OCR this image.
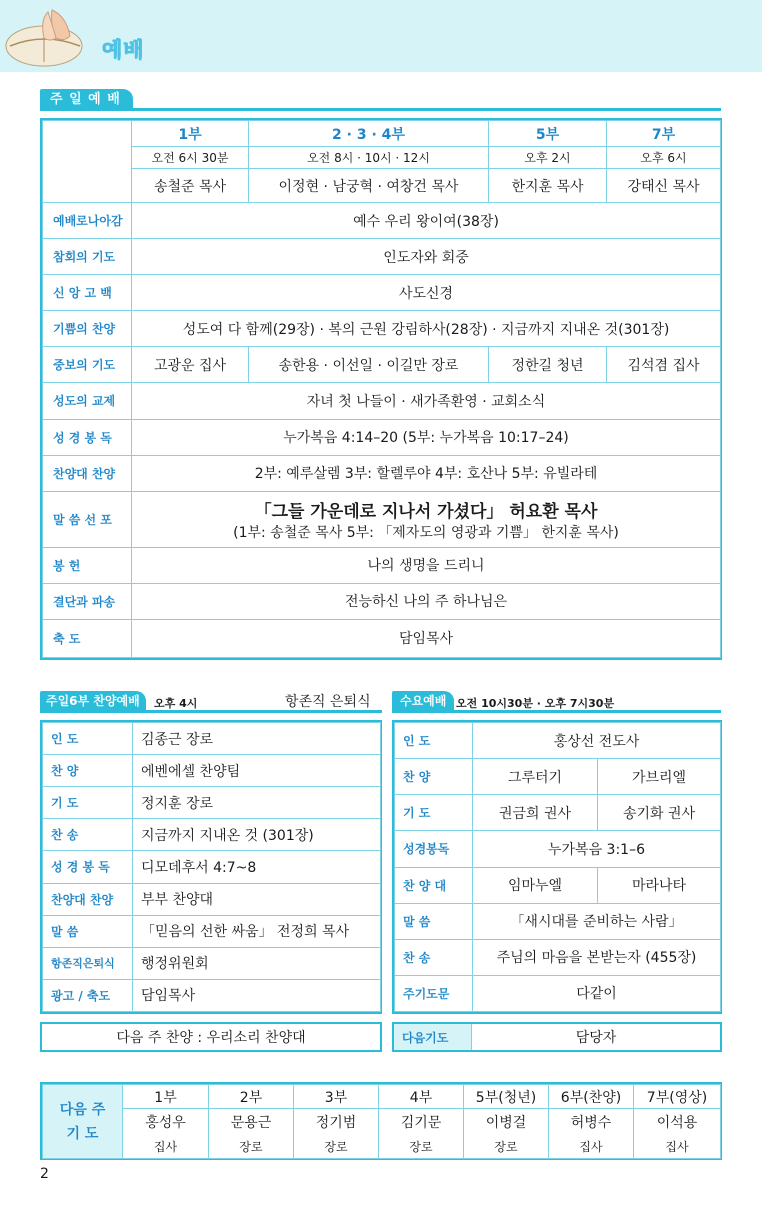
예배
주 일 예 배
	1부	2 · 3 · 4부	5부	7부
	오전 6시 30분	오전 8시 · 10시 · 12시	오후 2시	오후 6시
	송철준 목사	이정현 · 남궁혁 · 여창건 목사	한지훈 목사	강태신 목사
예배로나아감	예수 우리 왕이여(38장)			
참회의 기도	인도자와 회중			
신 앙 고 백	사도신경			
기쁨의 찬양	성도여 다 함께(29장) · 복의 근원 강림하사(28장) · 지금까지 지내온 것(301장)			
중보의 기도	고광운 집사	송한용 · 이선일 · 이길만 장로	정한길 청년	김석겸 집사
성도의 교제	자녀 첫 나들이 · 새가족환영 · 교회소식			
성 경 봉 독	누가복음 4:14–20 (5부: 누가복음 10:17–24)			
찬양대 찬양	2부: 예루살렘 3부: 할렐루야 4부: 호산나 5부: 유빌라테			
말 씀 선 포	「그들 가운데로 지나서 가셨다」 허요환 목사
(1부: 송철준 목사 5부: 「제자도의 영광과 기쁨」 한지훈 목사)			

봉 헌	나의 생명을 드리니			
결단과 파송	전능하신 나의 주 하나님은			
축 도	담임목사			
주일6부 찬양예배	오후 4시	항존직 은퇴식
인 도	김종근 장로
찬 양	에벤에셀 찬양팀
기 도	정지훈 장로
찬 송	지금까지 지내온 것 (301장)
성 경 봉 독	디모데후서 4:7~8
찬양대 찬양	부부 찬양대
말 씀	「믿음의 선한 싸움」 전정희 목사
항존직은퇴식	행정위원회
광고 / 축도	담임목사
다음 주 찬양 : 우리소리 찬양대
수요예배 오전 10시30분 · 오후 7시30분
인 도	홍상선 전도사	
찬 양	그루터기	가브리엘
기 도	권금희 권사	송기화 권사
성경봉독	누가복음 3:1–6	
찬 양 대	임마누엘	마라나타
말 씀	「새시대를 준비하는 사람」	
찬 송	주님의 마음을 본받는자 (455장)	
주기도문	다같이	
다음기도	담당자
다음 주
기 도	1부	2부	3부	4부	5부(청년)	6부(찬양)	7부(영상)
	홍성우	문용근	정기범	김기문	이병걸	허병수	이석용
	집사	장로	장로	장로	장로	집사	집사
2
